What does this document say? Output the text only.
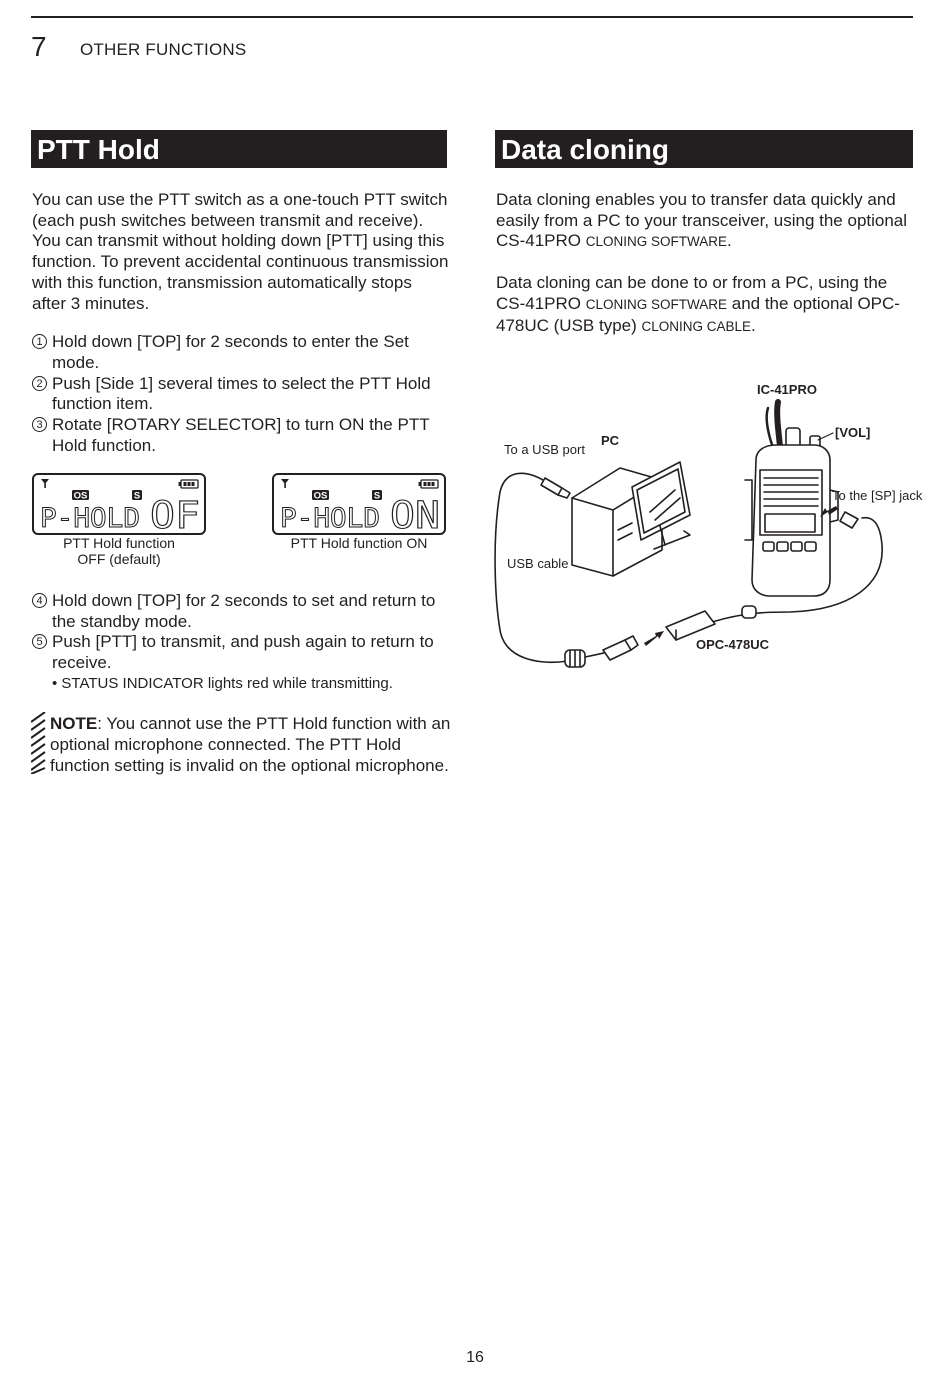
7 OTHER FUNCTIONS
PTT Hold

You can use the PTT switch as a one-touch PTT switch (each push switches between transmit and receive). You can transmit without holding down [PTT] using this function. To prevent accidental continuous transmission with this function, transmission automatically stops after 3 minutes.

1 Hold down [TOP] for 2 seconds to enter the Set mode.
2 Push [Side 1] several times to select the PTT Hold function item.
3 Rotate [ROTARY SELECTOR] to turn ON the PTT Hold function.
OS	S
P-HOLD OF
PTT Hold function
OFF (default)
OS	S
P-HOLD ON
PTT Hold function ON
4 Hold down [TOP] for 2 seconds to set and return to the standby mode.
5 Push [PTT] to transmit, and push again to return to receive.
• STATUS INDICATOR lights red while transmitting.
NOTE: You cannot use the PTT Hold function with an optional microphone connected. The PTT Hold function setting is invalid on the optional microphone.
Data cloning

Data cloning enables you to transfer data quickly and easily from a PC to your transceiver, using the optional CS-41PRO CLONING SOFTWARE.

Data cloning can be done to or from a PC, using the CS-41PRO CLONING SOFTWARE and the optional OPC-478UC (USB type) CLONING CABLE.

IC-41PRO
[VOL]
PC
To a USB port
To the [SP] jack
USB cable
OPC-478UC
16
